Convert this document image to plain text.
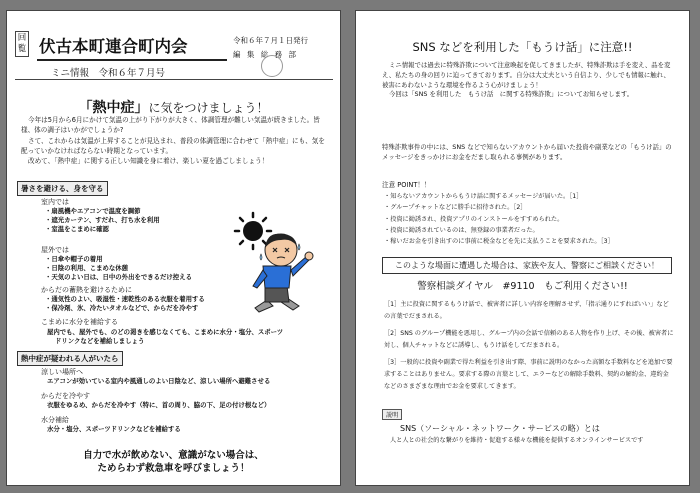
回覧 伏古本町連合町内会	令和６年７月１日発行
編 集 総 務 部
ミニ情報　令和６年７月号
「熱中症」に気をつけましょう！

今年は5月から6月にかけて気温の上がり下がりが大きく、体調管理が難しい気温が続きました。皆様、体の調子はいかがでしょうか?

さて、これからは気温が上昇することが見込まれ、普段の体調管理に合わせて「熱中症」にも、気を配っていかなければならない時期となっています。

改めて、「熱中症」に関する正しい知識を身に着け、楽しい夏を過ごしましょう！

暑さを避ける、身を守る
室内では
・ 扇風機やエアコンで温度を調節
・ 遮光カーテン、すだれ、打ち水を利用
・ 室温をこまめに確認
屋外では
・ 日傘や帽子の着用
・ 日陰の利用、こまめな休憩
・ 天気のよい日は、日中の外出をできるだけ控える
からだの蓄熱を避けるために
・ 通気性のよい、吸湿性・速乾性のある衣服を着用する
・ 保冷剤、氷、冷たいタオルなどで、からだを冷やす
こまめに水分を補給する
屋内でも、屋外でも、のどの渇きを感じなくても、こまめに水分・塩分、スポーツ
ドリンクなどを補給しましょう
熱中症が疑われる人がいたら
涼しい場所へ
エアコンが効いている室内や風通しのよい日陰など、涼しい場所へ避難させる
からだを冷やす
衣服をゆるめ、からだを冷やす（特に、首の周り、脇の下、足の付け根など）
水分補給
水分・塩分、スポーツドリンクなどを補給する
自力で水が飲めない、意識がない場合は、
ためらわず救急車を呼びましょう！
SNS などを利用した「もうけ話」に注意!!

ミニ情報では過去に特殊詐欺について注意喚起を促してきましたが、特殊詐欺は手を変え、品を変え、私たちの身の回りに迫ってきております。自分は大丈夫という自信より、少しでも情報に触れ、被害にあわないような環境を作るよう心がけましょう！

今回は「SNS を利用した　もうけ話　に関する特殊詐欺」についてお知らせします。

特殊詐欺事件の中には、SNS などで知らないアカウントから届いた投資や副業などの「もうけ話」のメッセージをきっかけにお金をだまし取られる事例があります。
注意 POINT！！
・ 知らないアカウントからもうけ話に関するメッセージが届いた。［1］
・ グループチャットなどに勝手に招待された。［2］
・ 投資に勧誘され、投資アプリのインストールをすすめられた。
・ 投資に勧誘されているのは、無登録の事業者だった。
・ 稼いだお金を引き出すのに事前に税金などを先に支払うことを要求された。［3］
このような場面に遭遇した場合は、家族や友人、警察にご相談ください！
警察相談ダイヤル　#9110　もご利用ください!!
［1］主に投資に関するもうけ話で、被害者に詳しい内容を理解させず、「指示通りにすればいい」などの言葉でだまされる。
［2］SNS のグループ機能を悪用し、グループ内の会話で信頼のある人物を作り上げ、その後、被害者に対し、個人チャットなどに誘導し、もうけ話をしてだまされる。
［3］一般的に投資や副業で得た利益を引き出す際、事前に説明のなかった高額な手数料などを追加で要求することはありません。要求する際の言葉として、エラーなどの解除手数料、契約の解約金、違約金などのさまざまな理由でお金を要求してきます。
説明
SNS（ソーシャル・ネットワーク・サービスの略）とは
人と人との社会的な繋がりを維持・促進する様々な機能を提供するオンラインサービスです
